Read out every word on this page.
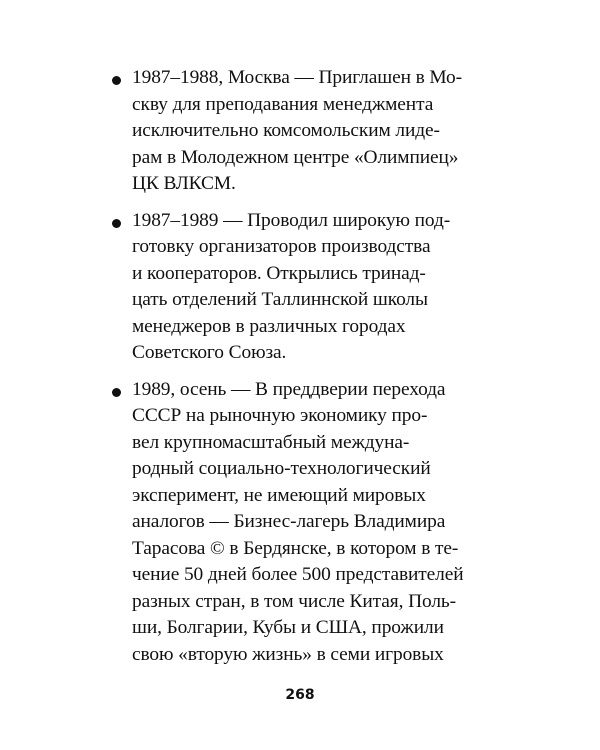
1987–1988, Москва — Приглашен в Мо-
скву для преподавания менеджмента
исключительно комсомольским лиде-
рам в Молодежном центре «Олимпиец»
ЦК ВЛКСМ.
1987–1989 — Проводил широкую под-
готовку организаторов производства
и кооператоров. Открылись тринад-
цать отделений Таллиннской школы
менеджеров в различных городах
Советского Союза.
1989, осень — В преддверии перехода
СССР на рыночную экономику про-
вел крупномасштабный междуна-
родный социально-технологический
эксперимент, не имеющий мировых
аналогов — Бизнес-лагерь Владимира
Тарасова © в Бердянске, в котором в те-
чение 50 дней более 500 представителей
разных стран, в том числе Китая, Поль-
ши, Болгарии, Кубы и США, прожили
свою «вторую жизнь» в семи игровых
268
